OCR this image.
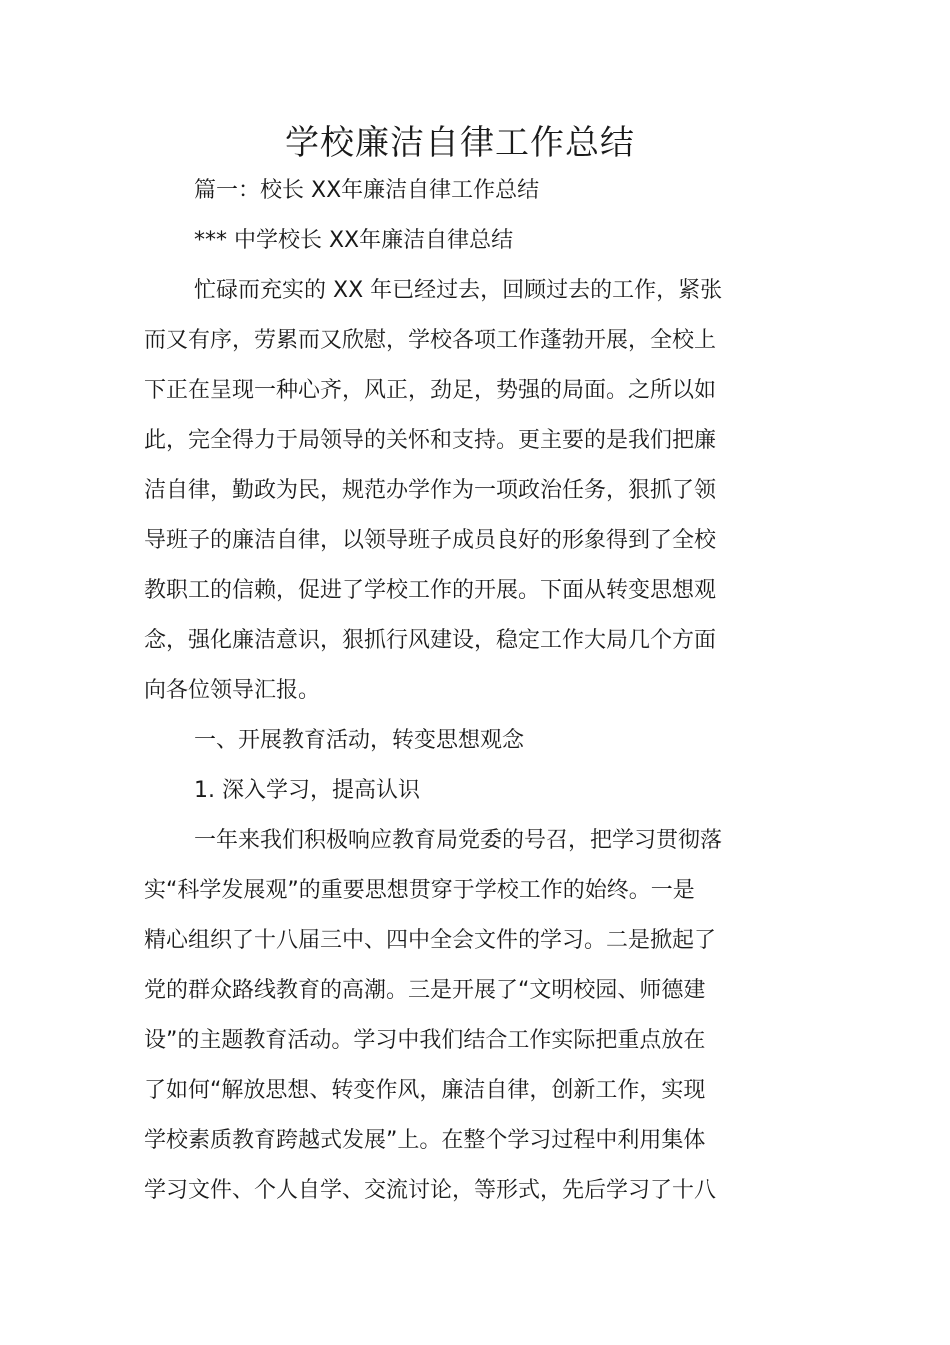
学校廉洁自律工作总结
篇一：校长 XX年廉洁自律工作总结
*** 中学校长 XX年廉洁自律总结
忙碌而充实的 XX 年已经过去，回顾过去的工作，紧张
而又有序，劳累而又欣慰，学校各项工作蓬勃开展，全校上
下正在呈现一种心齐，风正，劲足，势强的局面。之所以如
此，完全得力于局领导的关怀和支持。更主要的是我们把廉
洁自律，勤政为民，规范办学作为一项政治任务，狠抓了领
导班子的廉洁自律，以领导班子成员良好的形象得到了全校
教职工的信赖，促进了学校工作的开展。下面从转变思想观
念，强化廉洁意识，狠抓行风建设，稳定工作大局几个方面
向各位领导汇报。
一、开展教育活动，转变思想观念
1. 深入学习，提高认识
一年来我们积极响应教育局党委的号召，把学习贯彻落
实“科学发展观”的重要思想贯穿于学校工作的始终。一是
精心组织了十八届三中、四中全会文件的学习。二是掀起了
党的群众路线教育的高潮。三是开展了“文明校园、师德建
设”的主题教育活动。学习中我们结合工作实际把重点放在
了如何“解放思想、转变作风，廉洁自律，创新工作，实现
学校素质教育跨越式发展”上。在整个学习过程中利用集体
学习文件、个人自学、交流讨论，等形式，先后学习了十八
